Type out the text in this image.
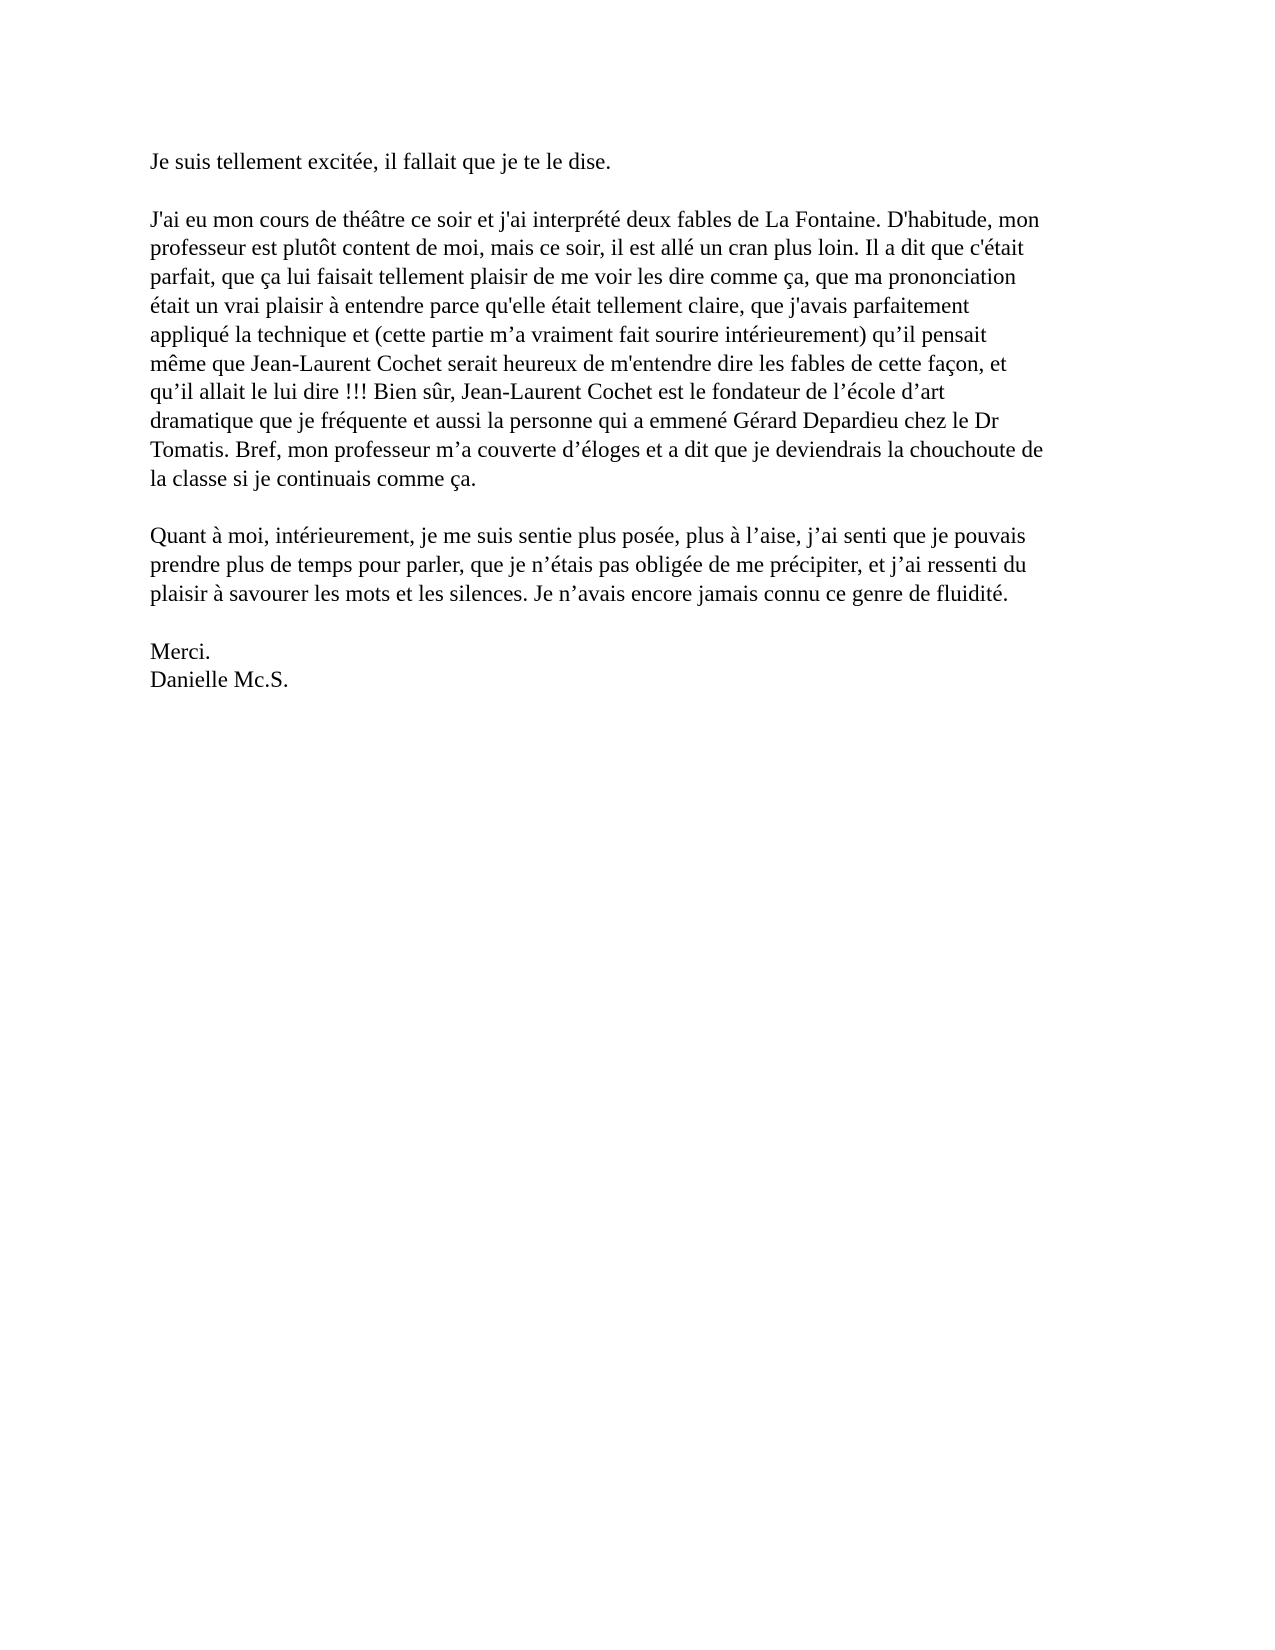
Je suis tellement excitée, il fallait que je te le dise.

J'ai eu mon cours de théâtre ce soir et j'ai interprété deux fables de La Fontaine. D'habitude, mon
professeur est plutôt content de moi, mais ce soir, il est allé un cran plus loin. Il a dit que c'était
parfait, que ça lui faisait tellement plaisir de me voir les dire comme ça, que ma prononciation
était un vrai plaisir à entendre parce qu'elle était tellement claire, que j'avais parfaitement
appliqué la technique et (cette partie m’a vraiment fait sourire intérieurement) qu’il pensait
même que Jean-Laurent Cochet serait heureux de m'entendre dire les fables de cette façon, et
qu’il allait le lui dire !!! Bien sûr, Jean-Laurent Cochet est le fondateur de l’école d’art
dramatique que je fréquente et aussi la personne qui a emmené Gérard Depardieu chez le Dr
Tomatis. Bref, mon professeur m’a couverte d’éloges et a dit que je deviendrais la chouchoute de
la classe si je continuais comme ça.

Quant à moi, intérieurement, je me suis sentie plus posée, plus à l’aise, j’ai senti que je pouvais
prendre plus de temps pour parler, que je n’étais pas obligée de me précipiter, et j’ai ressenti du
plaisir à savourer les mots et les silences. Je n’avais encore jamais connu ce genre de fluidité.

Merci.

Danielle Mc.S.
